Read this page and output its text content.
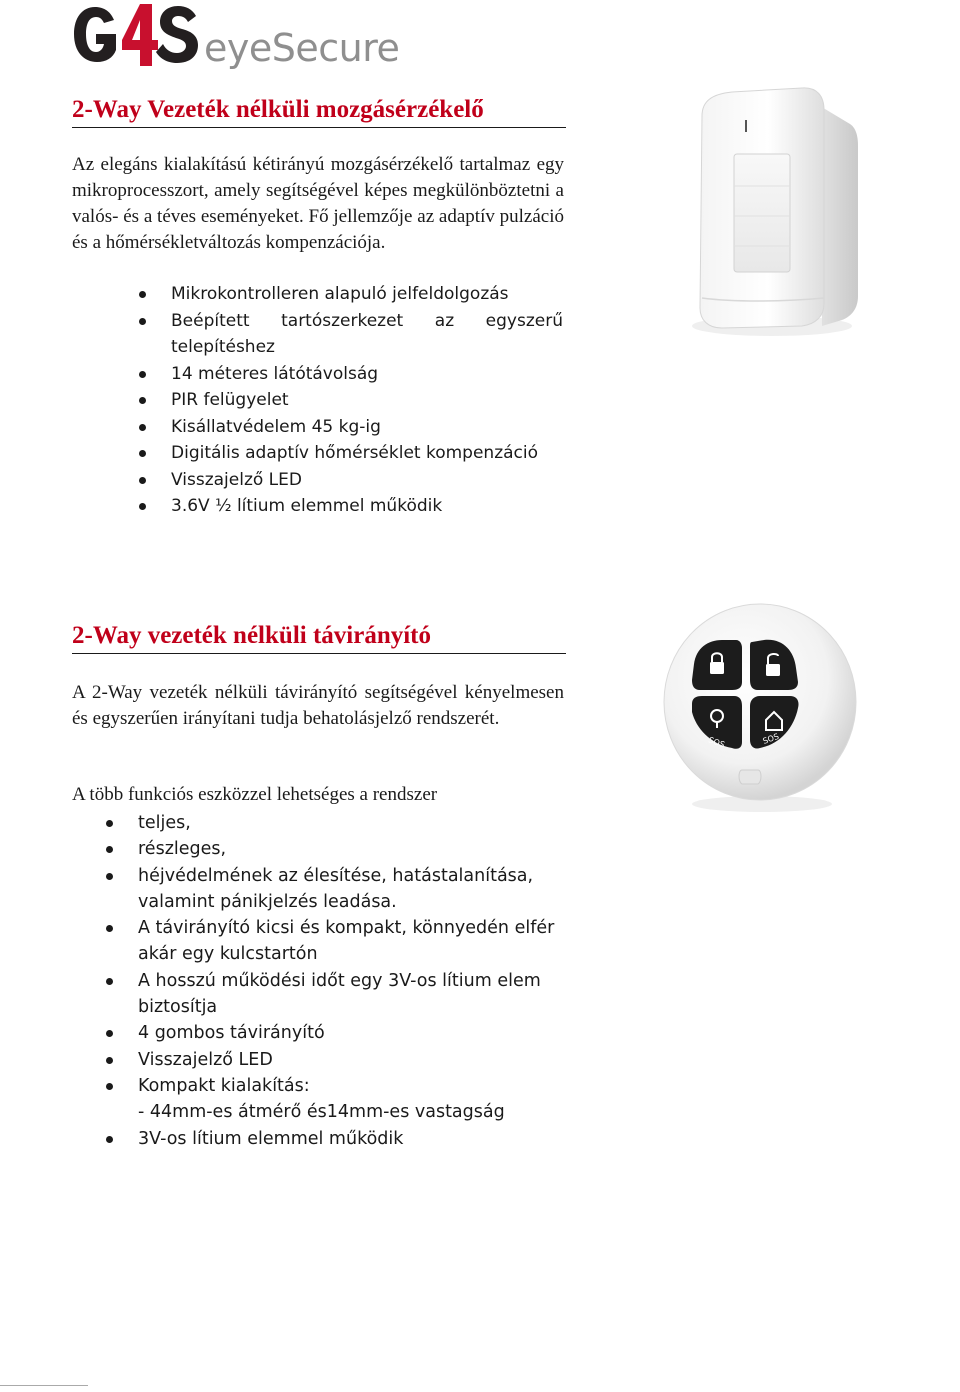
eyeSecure
2-Way Vezeték nélküli mozgásérzékelő
Az elegáns kialakítású kétirányú mozgásérzékelő tartalmaz egy mikroprocesszort, amely segítségével képes megkülönböztetni a valós- és a téves eseményeket. Fő jellemzője az adaptív pulzáció és a hőmérsékletváltozás kompenzációja.
Mikrokontrolleren alapuló jelfeldolgozás
Beépített tartószerkezet az egyszerű telepítéshez
14 méteres látótávolság
PIR felügyelet
Kisállatvédelem 45 kg-ig
Digitális adaptív hőmérséklet kompenzáció
Visszajelző LED
3.6V ½ lítium elemmel működik
2-Way vezeték nélküli távirányító
A 2-Way vezeték nélküli távirányító segítségével kényelmesen és egyszerűen irányítani tudja behatolásjelző rendszerét.
A több funkciós eszközzel lehetséges a rendszer
teljes,
részleges,
héjvédelmének az élesítése, hatástalanítása, valamint pánikjelzés leadása.
A távirányító kicsi és kompakt, könnyedén elfér akár egy kulcstartón
A hosszú működési időt egy 3V-os lítium elem biztosítja
4 gombos távirányító
Visszajelző LED
Kompakt kialakítás:
- 44mm-es átmérő és14mm-es vastagság
3V-os lítium elemmel működik
SOS	SOS
